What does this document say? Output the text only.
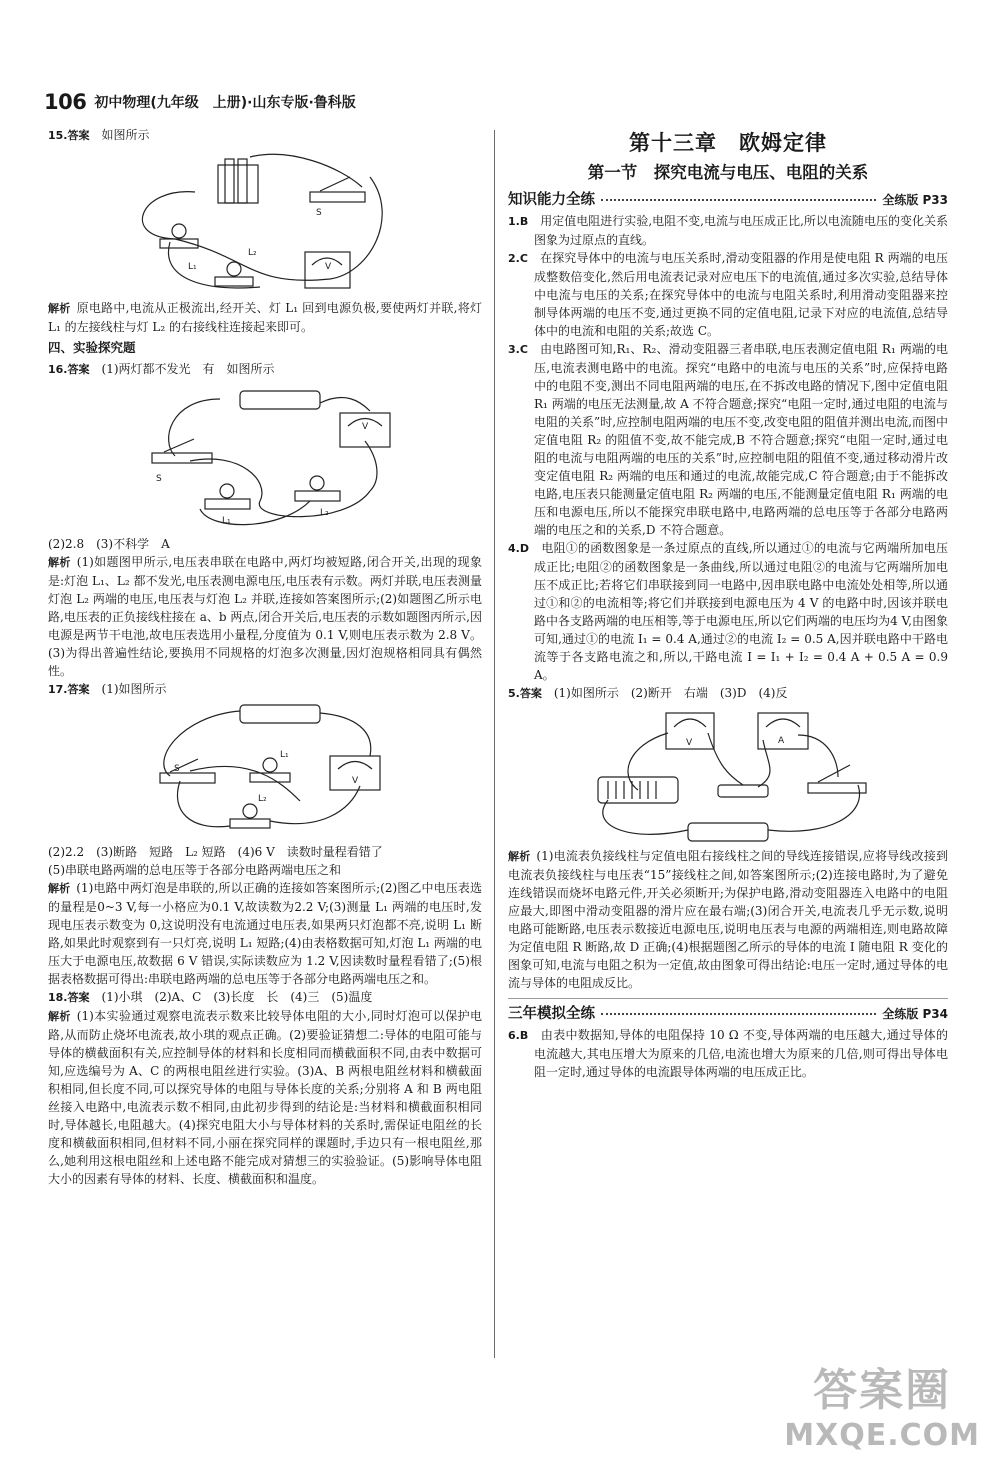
106 初中物理(九年级　上册)·山东专版·鲁科版

15.答案　 如图所示

S
L₁
L₂
V

解析 原电路中,电流从正极流出,经开关、灯 L₁ 回到电源负极,要使两灯并联,将灯 L₁ 的左接线柱与灯 L₂ 的右接线柱连接起来即可。

四、实验探究题

16.答案　 (1)两灯都不发光　有　如图所示

S
L₁
L₂
V

(2)2.8　(3)不科学　A

解析 (1)如题图甲所示,电压表串联在电路中,两灯均被短路,闭合开关,出现的现象是:灯泡 L₁、L₂ 都不发光,电压表测电源电压,电压表有示数。两灯并联,电压表测量灯泡 L₂ 两端的电压,电压表与灯泡 L₂ 并联,连接如答案图所示;(2)如题图乙所示电路,电压表的正负接线柱接在 a、b 两点,闭合开关后,电压表的示数如题图丙所示,因电源是两节干电池,故电压表选用小量程,分度值为 0.1 V,则电压表示数为 2.8 V。(3)为得出普遍性结论,要换用不同规格的灯泡多次测量,因灯泡规格相同具有偶然性。

17.答案　 (1)如图所示

S
L₁
L₂
V

(2)2.2　(3)断路　短路　L₂ 短路　(4)6 V　读数时量程看错了

(5)串联电路两端的总电压等于各部分电路两端电压之和

解析 (1)电路中两灯泡是串联的,所以正确的连接如答案图所示;(2)图乙中电压表选的量程是0~3 V,每一小格应为0.1 V,故读数为2.2 V;(3)测量 L₁ 两端的电压时,发现电压表示数变为 0,这说明没有电流通过电压表,如果两只灯泡都不亮,说明 L₁ 断路,如果此时观察到有一只灯亮,说明 L₁ 短路;(4)由表格数据可知,灯泡 L₁ 两端的电压大于电源电压,故数据 6 V 错误,实际读数应为 1.2 V,因读数时量程看错了;(5)根据表格数据可得出:串联电路两端的总电压等于各部分电路两端电压之和。

18.答案　 (1)小琪　(2)A、C　(3)长度　长　(4)三　(5)温度

解析 (1)本实验通过观察电流表示数来比较导体电阻的大小,同时灯泡可以保护电路,从而防止烧坏电流表,故小琪的观点正确。(2)要验证猜想二:导体的电阻可能与导体的横截面积有关,应控制导体的材料和长度相同而横截面积不同,由表中数据可知,应选编号为 A、C 的两根电阻丝进行实验。(3)A、B 两根电阻丝材料和横截面积相同,但长度不同,可以探究导体的电阻与导体长度的关系;分别将 A 和 B 两电阻丝接入电路中,电流表示数不相同,由此初步得到的结论是:当材料和横截面积相同时,导体越长,电阻越大。(4)探究电阻大小与导体材料的关系时,需保证电阻丝的长度和横截面积相同,但材料不同,小丽在探究同样的课题时,手边只有一根电阻丝,那么,她利用这根电阻丝和上述电路不能完成对猜想三的实验验证。(5)影响导体电阻大小的因素有导体的材料、长度、横截面积和温度。

第十三章　欧姆定律
第一节　探究电流与电压、电阻的关系
知识能力全练	全练版 P33

1.B　 用定值电阻进行实验,电阻不变,电流与电压成正比,所以电流随电压的变化关系图象为过原点的直线。

2.C　 在探究导体中的电流与电压关系时,滑动变阻器的作用是使电阻 R 两端的电压成整数倍变化,然后用电流表记录对应电压下的电流值,通过多次实验,总结导体中电流与电压的关系;在探究导体中的电流与电阻关系时,利用滑动变阻器来控制导体两端的电压不变,通过更换不同的定值电阻,记录下对应的电流值,总结导体中的电流和电阻的关系;故选 C。

3.C　 由电路图可知,R₁、R₂、滑动变阻器三者串联,电压表测定值电阻 R₁ 两端的电压,电流表测电路中的电流。探究“电路中的电流与电压的关系”时,应保持电路中的电阻不变,测出不同电阻两端的电压,在不拆改电路的情况下,图中定值电阻 R₁ 两端的电压无法测量,故 A 不符合题意;探究“电阻一定时,通过电阻的电流与电阻的关系”时,应控制电阻两端的电压不变,改变电阻的阻值并测出电流,而图中定值电阻 R₂ 的阻值不变,故不能完成,B 不符合题意;探究“电阻一定时,通过电阻的电流与电阻两端的电压的关系”时,应控制电阻的阻值不变,通过移动滑片改变定值电阻 R₂ 两端的电压和通过的电流,故能完成,C 符合题意;由于不能拆改电路,电压表只能测量定值电阻 R₂ 两端的电压,不能测量定值电阻 R₁ 两端的电压和电源电压,所以不能探究串联电路中,电路两端的总电压等于各部分电路两端的电压之和的关系,D 不符合题意。

4.D　 电阻①的函数图象是一条过原点的直线,所以通过①的电流与它两端所加电压成正比;电阻②的函数图象是一条曲线,所以通过电阻②的电流与它两端所加电压不成正比;若将它们串联接到同一电路中,因串联电路中电流处处相等,所以通过①和②的电流相等;将它们并联接到电源电压为 4 V 的电路中时,因该并联电路中各支路两端的电压相等,等于电源电压,所以它们两端的电压均为4 V,由图象可知,通过①的电流 I₁ = 0.4 A,通过②的电流 I₂ = 0.5 A,因并联电路中干路电流等于各支路电流之和,所以,干路电流 I = I₁ + I₂ = 0.4 A + 0.5 A = 0.9 A。

5.答案　 (1)如图所示　(2)断开　右端　(3)D　(4)反

V	A

解析 (1)电流表负接线柱与定值电阻右接线柱之间的导线连接错误,应将导线改接到电流表负接线柱与电压表“15”接线柱之间,如答案图所示;(2)连接电路时,为了避免连线错误而烧坏电路元件,开关必须断开;为保护电路,滑动变阻器连入电路中的电阻应最大,即图中滑动变阻器的滑片应在最右端;(3)闭合开关,电流表几乎无示数,说明电路可能断路,电压表示数接近电源电压,说明电压表与电源的两端相连,则电路故障为定值电阻 R 断路,故 D 正确;(4)根据题图乙所示的导体的电流 I 随电阻 R 变化的图象可知,电流与电阻之积为一定值,故由图象可得出结论:电压一定时,通过导体的电流与导体的电阻成反比。

三年模拟全练	全练版 P34

6.B　 由表中数据知,导体的电阻保持 10 Ω 不变,导体两端的电压越大,通过导体的电流越大,其电压增大为原来的几倍,电流也增大为原来的几倍,则可得出导体电阻一定时,通过导体的电流跟导体两端的电压成正比。

答案圈
MXQE.COM
